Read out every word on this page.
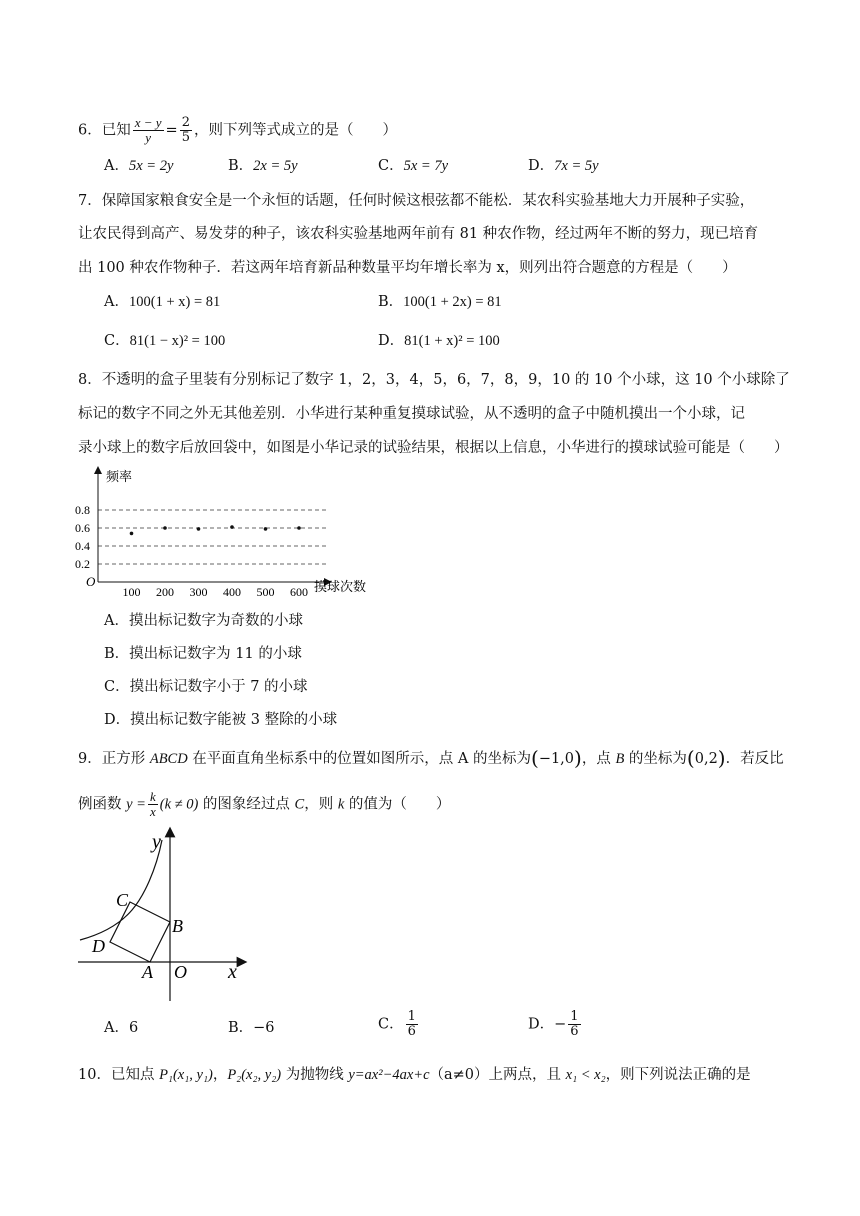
6．已知 $\frac{x - y}{y} = \frac{2}{5}$ ，则下列等式成立的是（　　）
A．5x = 2y	B．2x = 5y	C．5x = 7y	D．7x = 5y
7．保障国家粮食安全是一个永恒的话题，任何时候这根弦都不能松．某农科实验基地大力开展种子实验，
让农民得到高产、易发芽的种子，该农科实验基地两年前有 81 种农作物，经过两年不断的努力，现已培育
出 100 种农作物种子．若这两年培育新品种数量平均年增长率为 x，则列出符合题意的方程是（　　）
A．100(1 + x) = 81	B．100(1 + 2x) = 81
C．81(1 − x)² = 100	D．81(1 + x)² = 100
8．不透明的盒子里装有分别标记了数字 1，2，3，4，5，6，7，8，9，10 的 10 个小球，这 10 个小球除了
标记的数字不同之外无其他差别．小华进行某种重复摸球试验，从不透明的盒子中随机摸出一个小球，记
录小球上的数字后放回袋中，如图是小华记录的试验结果，根据以上信息，小华进行的摸球试验可能是（　　）
频率
摸球次数
O
0.2
0.4
0.6
0.8
100 200 300 400 500 600
A．摸出标记数字为奇数的小球
B．摸出标记数字为 11 的小球
C．摸出标记数字小于 7 的小球
D．摸出标记数字能被 3 整除的小球
9．正方形 ABCD 在平面直角坐标系中的位置如图所示，点 A 的坐标为(−1,0)，点 B 的坐标为(0,2)．若反比
例函数 $y = \frac{k}{x} (k \ne 0)$ 的图象经过点 C，则 k 的值为（　　）
y
x
O
A
B
C
D
A．6	B．−6	C． $\frac{1}{6}$	D．− $\frac{1}{6}$
10．已知点 P₁(x₁, y₁)，P₂(x₂, y₂) 为抛物线 y=ax²−4ax+c（a≠0）上两点，且 x₁ < x₂，则下列说法正确的是
